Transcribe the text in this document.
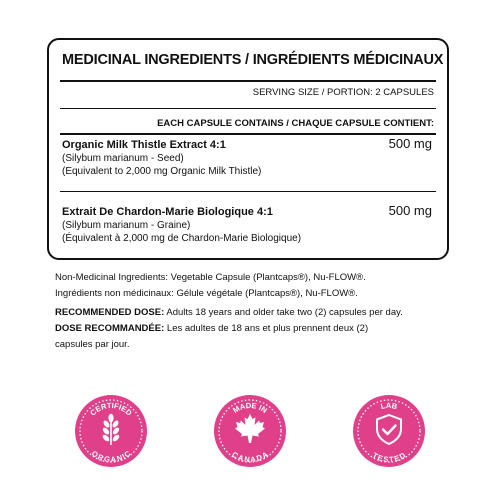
MEDICINAL INGREDIENTS / INGRÉDIENTS MÉDICINAUX
SERVING SIZE / PORTION: 2 CAPSULES
EACH CAPSULE CONTAINS / CHAQUE CAPSULE CONTIENT:
Organic Milk Thistle Extract 4:1	500 mg
(Silybum marianum - Seed)
(Equivalent to 2,000 mg Organic Milk Thistle)
Extrait De Chardon-Marie Biologique 4:1	500 mg
(Silybum marianum - Graine)
(Équivalent à 2,000 mg de Chardon-Marie Biologique)
Non-Medicinal Ingredients: Vegetable Capsule (Plantcaps®), Nu-FLOW®.
Ingrédients non médicinaux: Gélule végétale (Plantcaps®), Nu-FLOW®.
RECOMMENDED DOSE: Adults 18 years and older take two (2) capsules per day.
DOSE RECOMMANDÉE: Les adultes de 18 ans et plus prennent deux (2)
capsules par jour.
CERTIFIED
ORGANIC
MADE IN
CANADA
LAB
TESTED
